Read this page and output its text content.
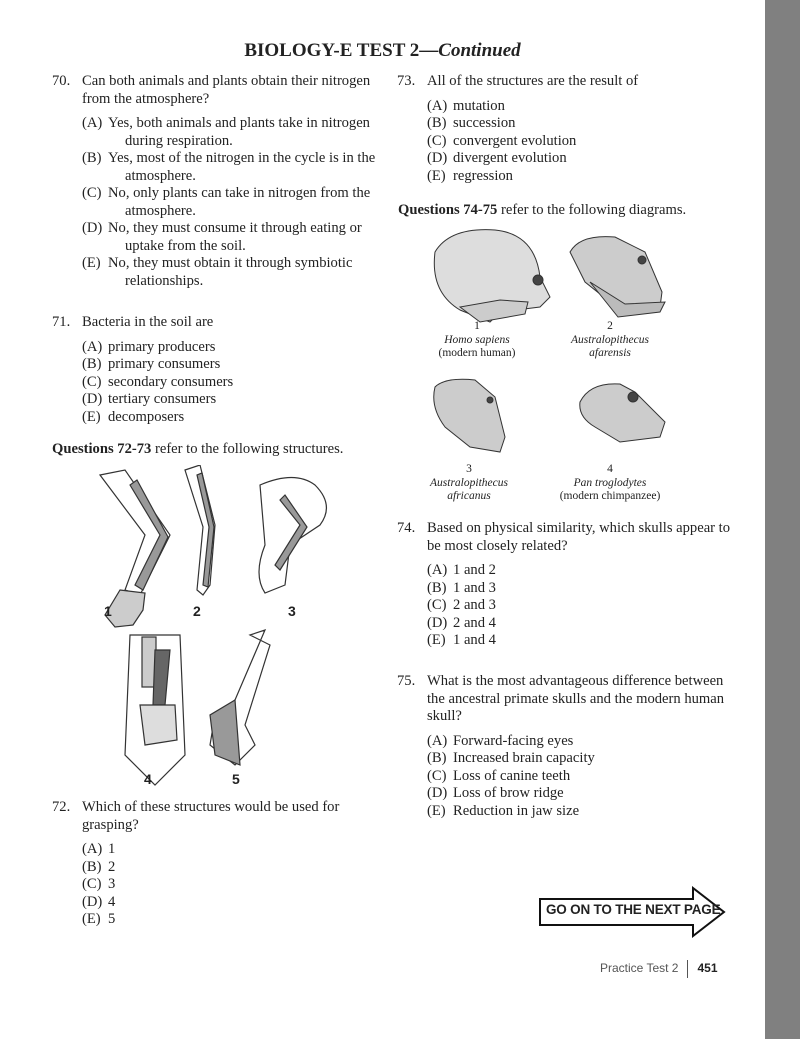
BIOLOGY-E TEST 2—Continued
70. Can both animals and plants obtain their nitrogen from the atmosphere?

(A) Yes, both animals and plants take in nitrogen during respiration.
(B) Yes, most of the nitrogen in the cycle is in the atmosphere.
(C) No, only plants can take in nitrogen from the atmosphere.
(D) No, they must consume it through eating or uptake from the soil.
(E) No, they must obtain it through symbiotic relationships.
71. Bacteria in the soil are

(A) primary producers
(B) primary consumers
(C) secondary consumers
(D) tertiary consumers
(E) decomposers
Questions 72-73 refer to the following structures.
1	2	3
4	5
72. Which of these structures would be used for grasping?

(A) 1
(B) 2
(C) 3
(D) 4
(E) 5
73. All of the structures are the result of

(A) mutation
(B) succession
(C) convergent evolution
(D) divergent evolution
(E) regression
Questions 74-75 refer to the following diagrams.
1
Homo sapiens
(modern human)
2
Australopithecus
afarensis
3
Australopithecus
africanus
4
Pan troglodytes
(modern chimpanzee)
74. Based on physical similarity, which skulls appear to be most closely related?

(A) 1 and 2
(B) 1 and 3
(C) 2 and 3
(D) 2 and 4
(E) 1 and 4
75. What is the most advantageous difference between the ancestral primate skulls and the modern human skull?

(A) Forward-facing eyes
(B) Increased brain capacity
(C) Loss of canine teeth
(D) Loss of brow ridge
(E) Reduction in jaw size
GO ON TO THE NEXT PAGE
Practice Test 2 451
